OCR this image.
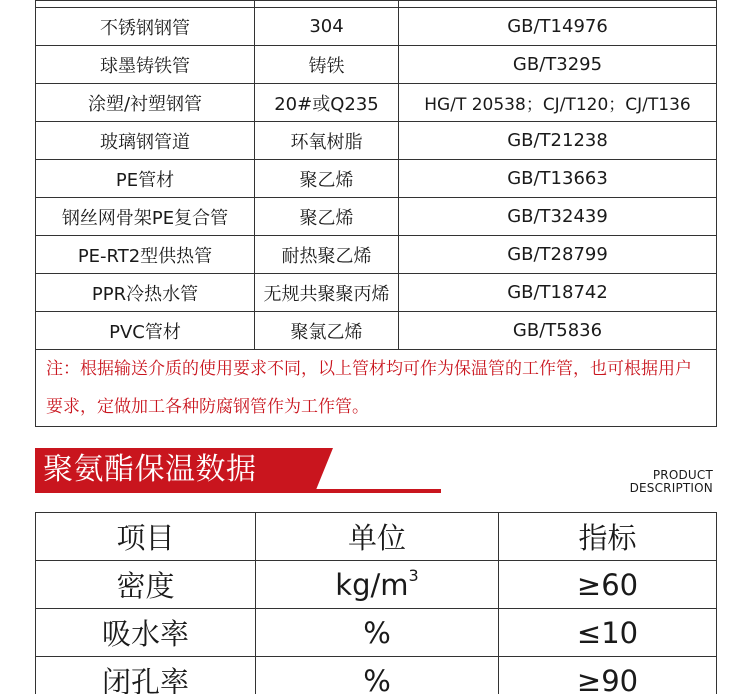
不锈钢钢管	304	GB/T14976
球墨铸铁管	铸铁	GB/T3295
涂塑/衬塑钢管	20#或Q235	HG/T 20538；CJ/T120；CJ/T136
玻璃钢管道	环氧树脂	GB/T21238
PE管材	聚乙烯	GB/T13663
钢丝网骨架PE复合管	聚乙烯	GB/T32439
PE-RT2型供热管	耐热聚乙烯	GB/T28799
PPR冷热水管	无规共聚聚丙烯	GB/T18742
PVC管材	聚氯乙烯	GB/T5836
注：根据输送介质的使用要求不同，以上管材均可作为保温管的工作管，也可根据用户要求，定做加工各种防腐钢管作为工作管。		
聚氨酯保温数据	PRODUCT
DESCRIPTION
项目	单位	指标
密度	$kg/m^3$	≥60
吸水率	%	≤10
闭孔率	%	≥90
